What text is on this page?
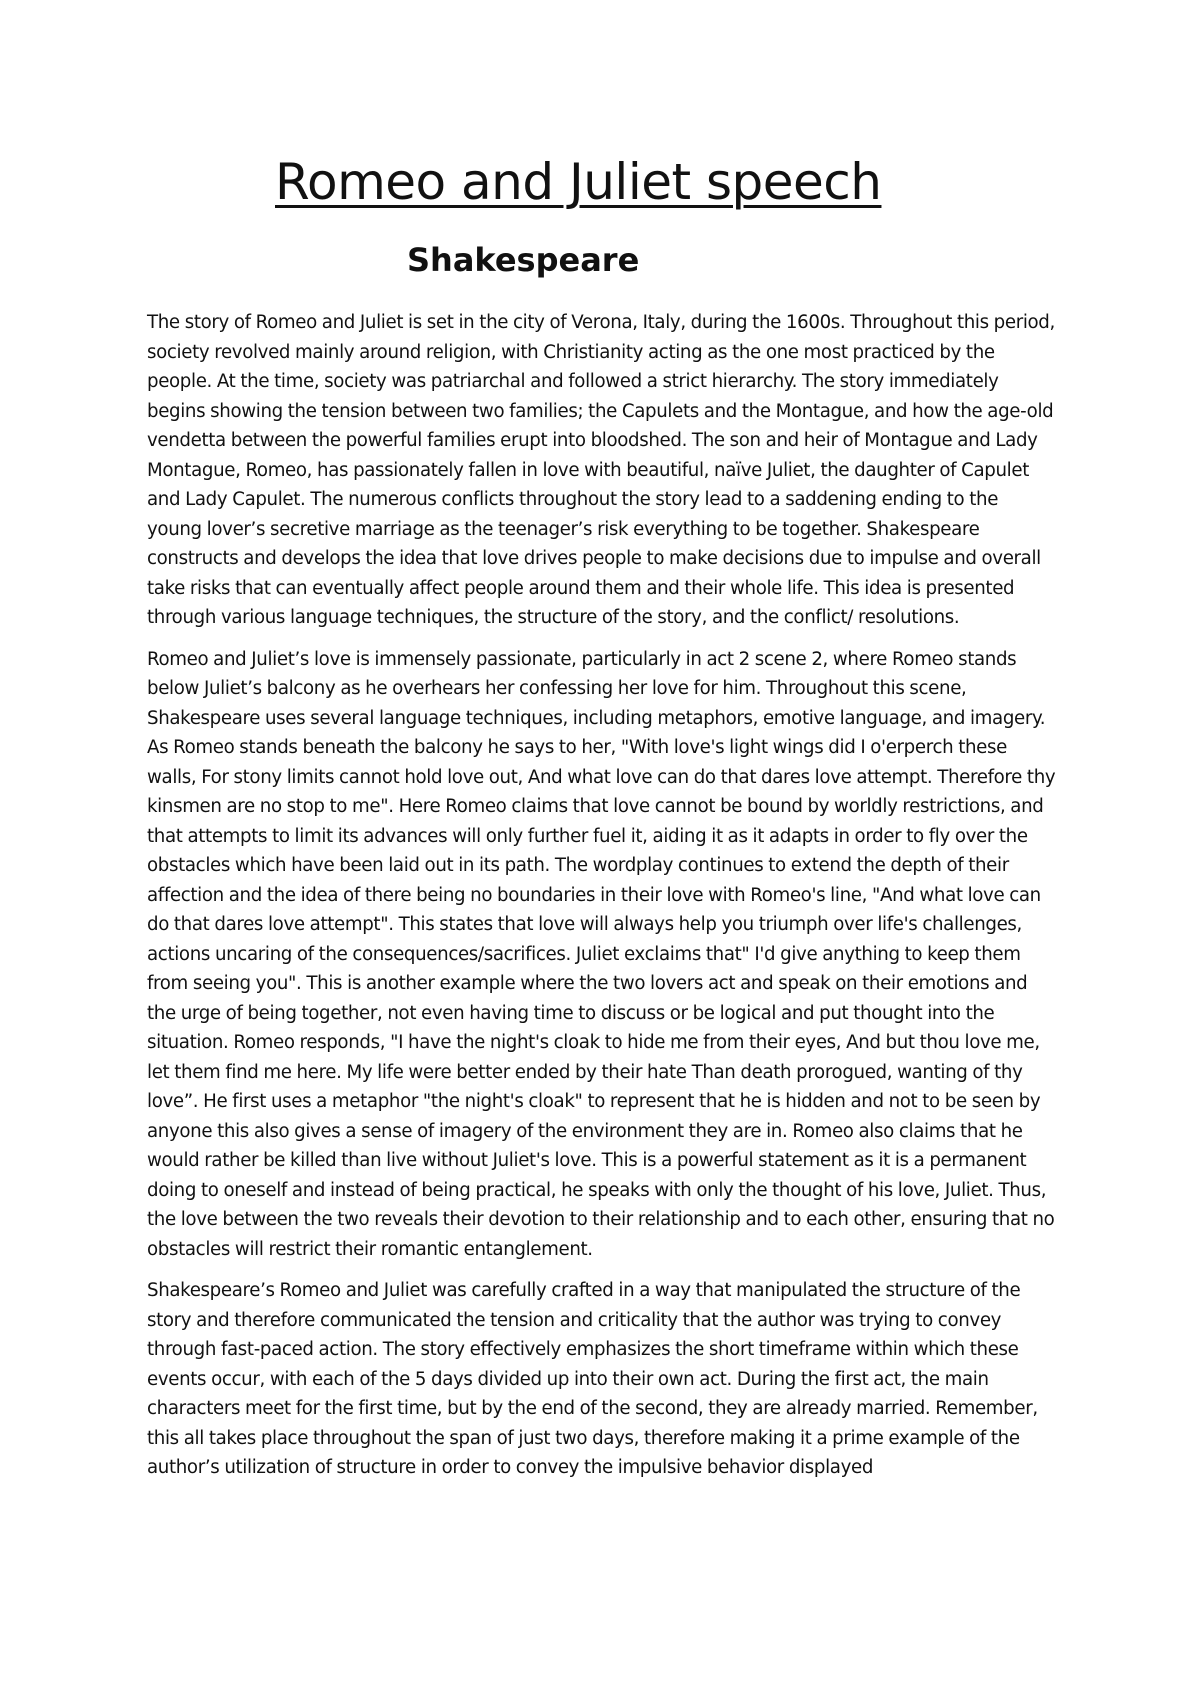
Romeo and Juliet speech
Shakespeare

The story of Romeo and Juliet is set in the city of Verona, Italy, during the 1600s. Throughout this period, society revolved mainly around religion, with Christianity acting as the one most practiced by the people. At the time, society was patriarchal and followed a strict hierarchy. The story immediately begins showing the tension between two families; the Capulets and the Montague, and how the age-old vendetta between the powerful families erupt into bloodshed. The son and heir of Montague and Lady Montague, Romeo, has passionately fallen in love with beautiful, naïve Juliet, the daughter of Capulet and Lady Capulet. The numerous conflicts throughout the story lead to a saddening ending to the young lover’s secretive marriage as the teenager’s risk everything to be together. Shakespeare constructs and develops the idea that love drives people to make decisions due to impulse and overall take risks that can eventually affect people around them and their whole life. This idea is presented through various language techniques, the structure of the story, and the conflict/ resolutions.

Romeo and Juliet’s love is immensely passionate, particularly in act 2 scene 2, where Romeo stands below Juliet’s balcony as he overhears her confessing her love for him. Throughout this scene, Shakespeare uses several language techniques, including metaphors, emotive language, and imagery. As Romeo stands beneath the balcony he says to her, "With love's light wings did I o'erperch these walls, For stony limits cannot hold love out, And what love can do that dares love attempt. Therefore thy kinsmen are no stop to me". Here Romeo claims that love cannot be bound by worldly restrictions, and that attempts to limit its advances will only further fuel it, aiding it as it adapts in order to fly over the obstacles which have been laid out in its path. The wordplay continues to extend the depth of their affection and the idea of there being no boundaries in their love with Romeo's line, "And what love can do that dares love attempt". This states that love will always help you triumph over life's challenges, actions uncaring of the consequences/sacrifices. Juliet exclaims that" I'd give anything to keep them from seeing you". This is another example where the two lovers act and speak on their emotions and the urge of being together, not even having time to discuss or be logical and put thought into the situation. Romeo responds, "I have the night's cloak to hide me from their eyes, And but thou love me, let them find me here. My life were better ended by their hate Than death prorogued, wanting of thy love”. He first uses a metaphor "the night's cloak" to represent that he is hidden and not to be seen by anyone this also gives a sense of imagery of the environment they are in. Romeo also claims that he would rather be killed than live without Juliet's love. This is a powerful statement as it is a permanent doing to oneself and instead of being practical, he speaks with only the thought of his love, Juliet. Thus, the love between the two reveals their devotion to their relationship and to each other, ensuring that no obstacles will restrict their romantic entanglement.

Shakespeare’s Romeo and Juliet was carefully crafted in a way that manipulated the structure of the story and therefore communicated the tension and criticality that the author was trying to convey through fast-paced action. The story effectively emphasizes the short timeframe within which these events occur, with each of the 5 days divided up into their own act. During the first act, the main characters meet for the first time, but by the end of the second, they are already married. Remember, this all takes place throughout the span of just two days, therefore making it a prime example of the author’s utilization of structure in order to convey the impulsive behavior displayed
